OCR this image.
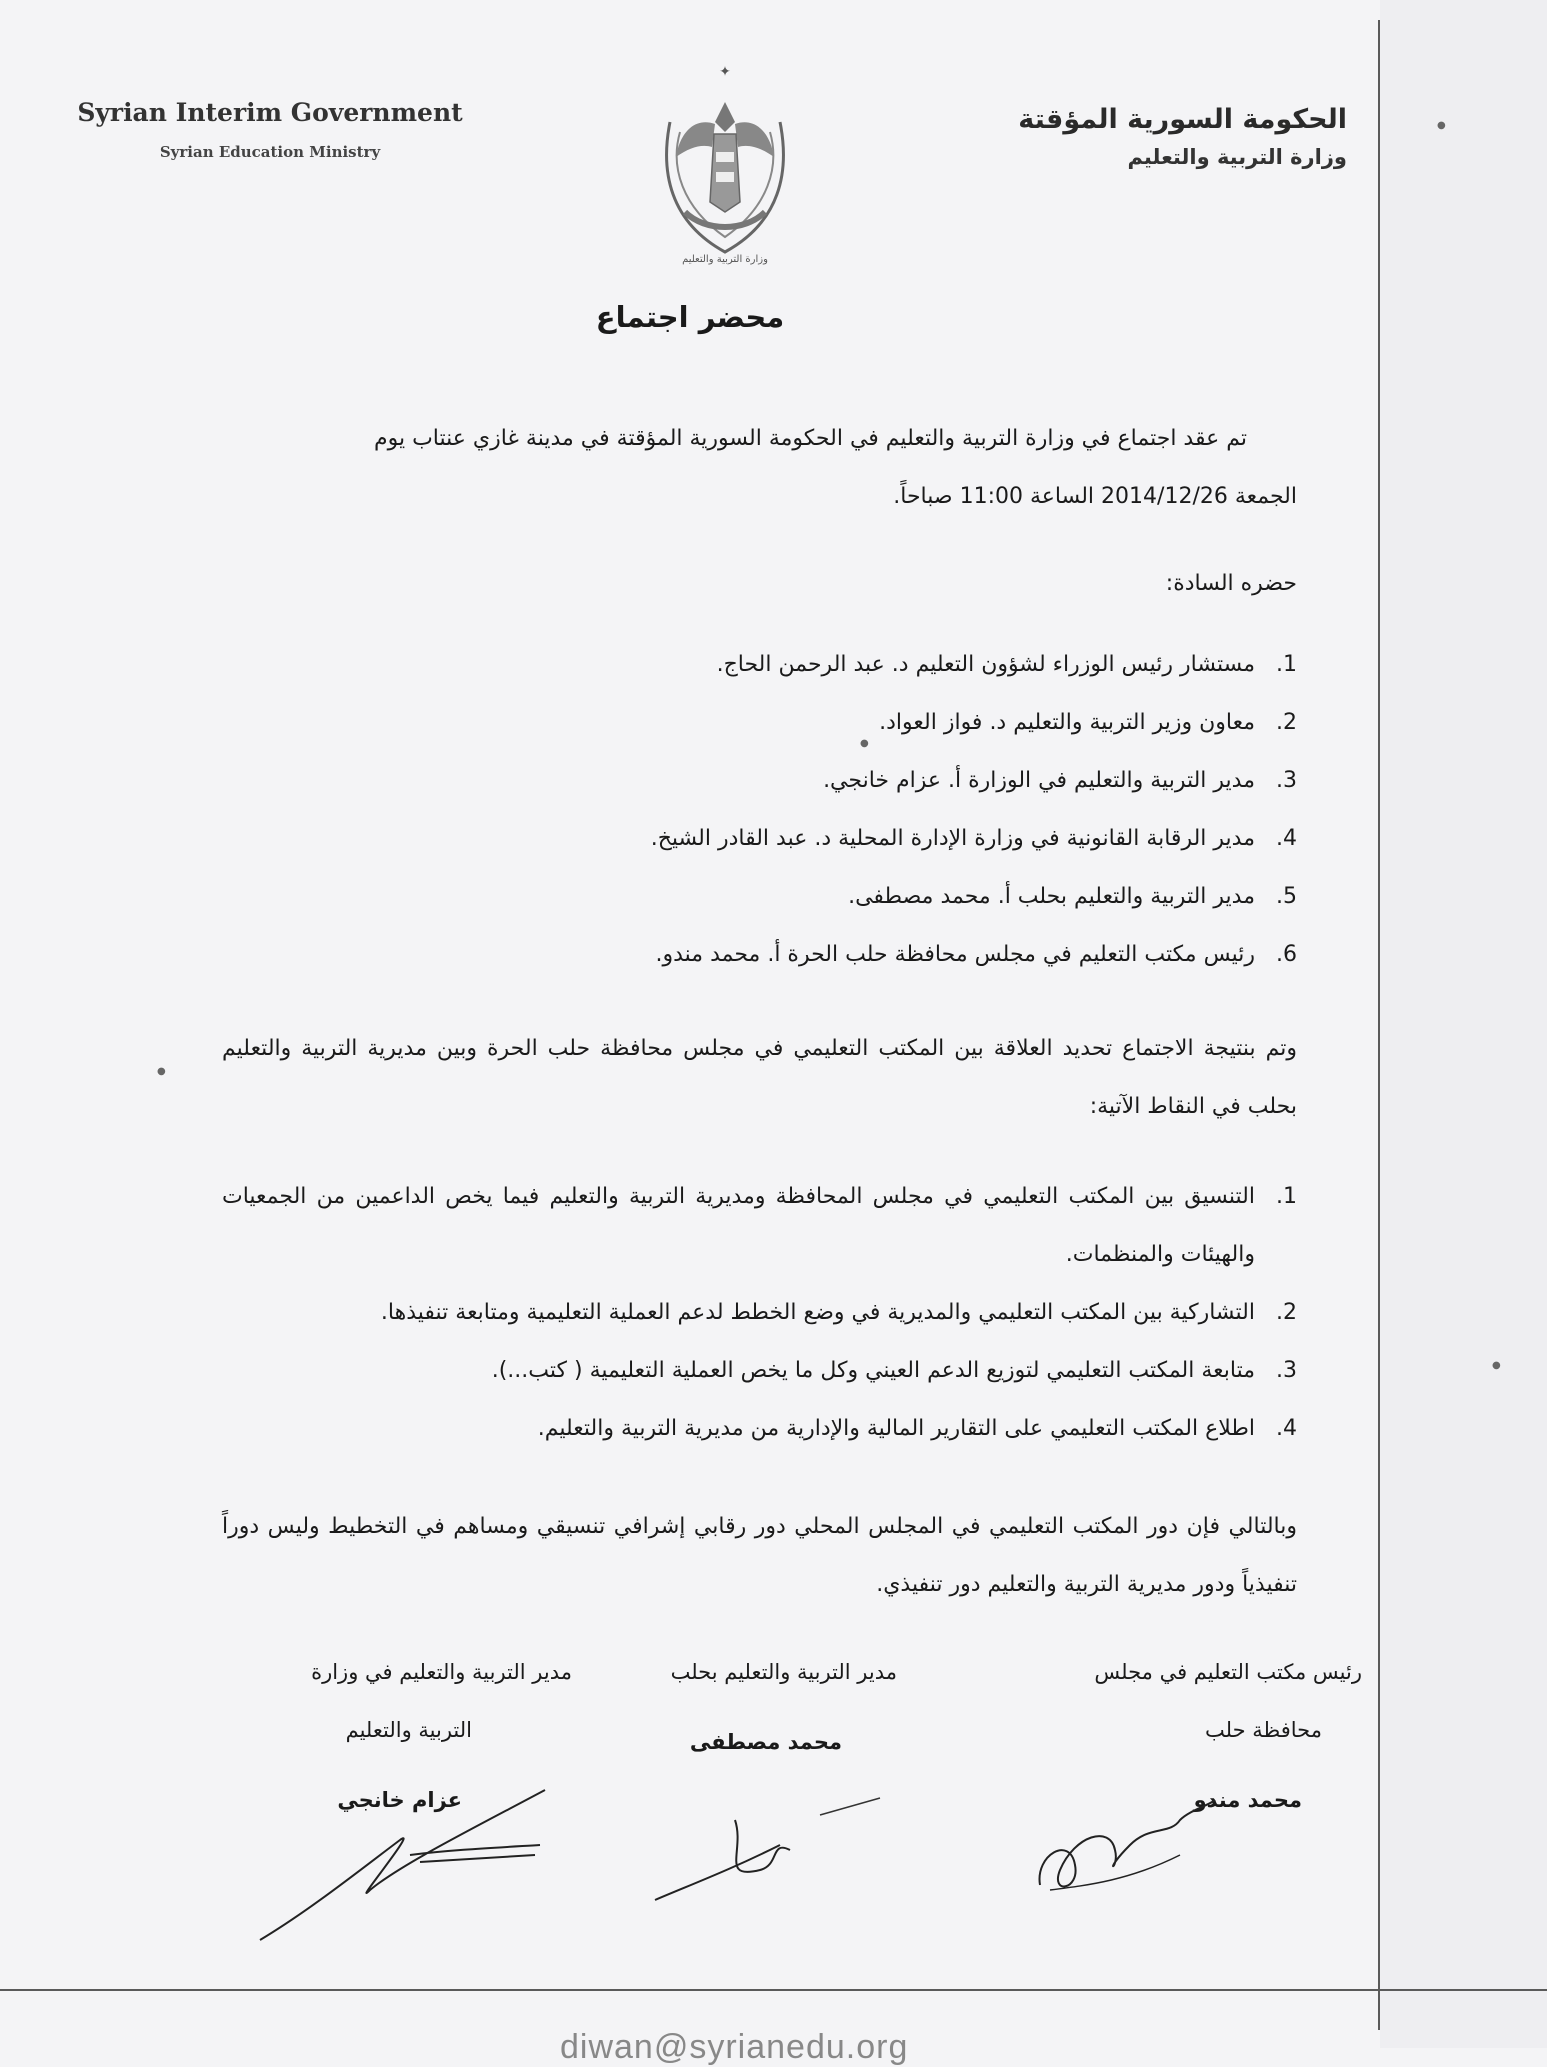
Syrian Interim Government
Syrian Education Ministry
✦
وزارة التربية والتعليم
الحكومة السورية المؤقتة
وزارة التربية والتعليم
محضر اجتماع
تم عقد اجتماع في وزارة التربية والتعليم في الحكومة السورية المؤقتة في مدينة غازي عنتاب يوم
الجمعة 2014/12/26 الساعة 11:00 صباحاً.
حضره السادة:
1.
مستشار رئيس الوزراء لشؤون التعليم د. عبد الرحمن الحاج.
2.
معاون وزير التربية والتعليم د. فواز العواد.
3.
مدير التربية والتعليم في الوزارة أ. عزام خانجي.
4.
مدير الرقابة القانونية في وزارة الإدارة المحلية د. عبد القادر الشيخ.
5.
مدير التربية والتعليم بحلب أ. محمد مصطفى.
6.
رئيس مكتب التعليم في مجلس محافظة حلب الحرة أ. محمد مندو.
وتم بنتيجة الاجتماع تحديد العلاقة بين المكتب التعليمي في مجلس محافظة حلب الحرة وبين مديرية التربية والتعليم بحلب في النقاط الآتية:
1.
التنسيق بين المكتب التعليمي في مجلس المحافظة ومديرية التربية والتعليم فيما يخص الداعمين من الجمعيات والهيئات والمنظمات.
2.
التشاركية بين المكتب التعليمي والمديرية في وضع الخطط لدعم العملية التعليمية ومتابعة تنفيذها.
3.
متابعة المكتب التعليمي لتوزيع الدعم العيني وكل ما يخص العملية التعليمية ( كتب...).
4.
اطلاع المكتب التعليمي على التقارير المالية والإدارية من مديرية التربية والتعليم.
وبالتالي فإن دور المكتب التعليمي في المجلس المحلي دور رقابي إشرافي تنسيقي ومساهم في التخطيط وليس دوراً تنفيذياً ودور مديرية التربية والتعليم دور تنفيذي.
رئيس مكتب التعليم في مجلس
محافظة حلب
محمد مندو
مدير التربية والتعليم بحلب
محمد مصطفى
مدير التربية والتعليم في وزارة
التربية والتعليم
عزام خانجي
●
●
●
●
diwan@syrianedu.org
